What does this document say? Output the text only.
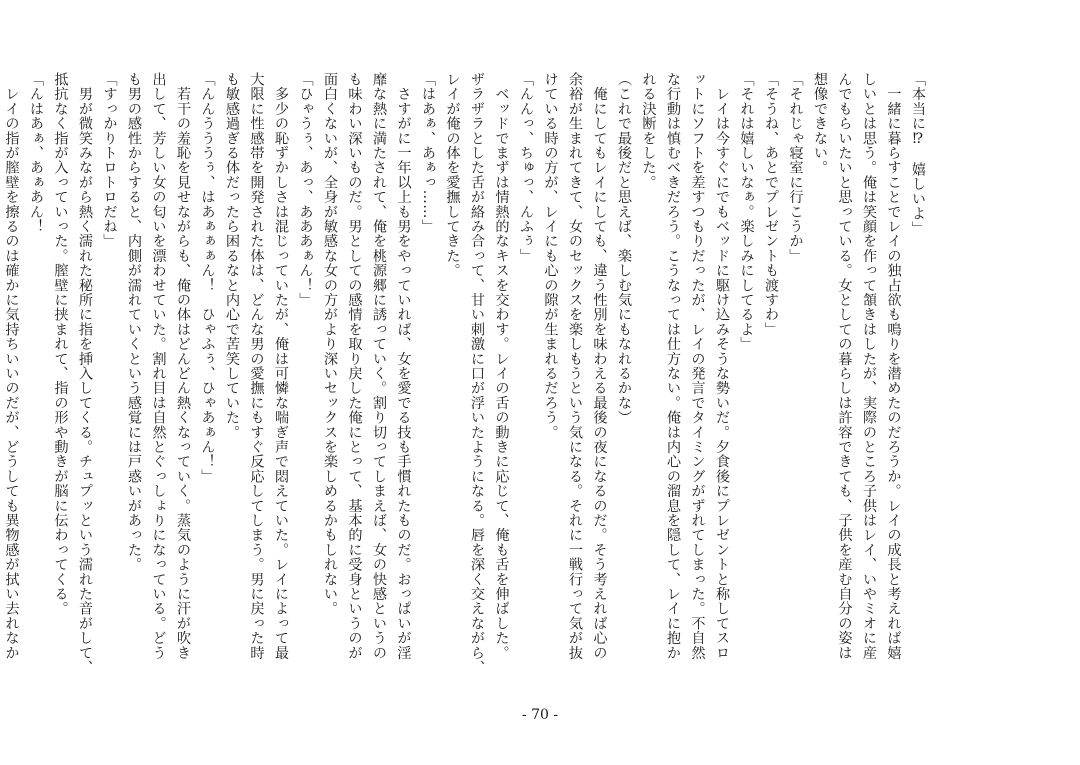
「本当に⁉　嬉しいよ」
　一緒に暮らすことでレイの独占欲も鳴りを潜めたのだろうか。レイの成長と考えれば嬉
しいとは思う。俺は笑顔を作って頷きはしたが、実際のところ子供はレイ、いやミオに産
んでもらいたいと思っている。女としての暮らしは許容できても、子供を産む自分の姿は
想像できない。
「それじゃ寝室に行こうか」
「そうね、あとでプレゼントも渡すわ」
「それは嬉しいなぁ。楽しみにしてるよ」
　レイは今すぐにでもベッドに駆け込みそうな勢いだ。夕食後にプレゼントと称してスロ
ットにソフトを差すつもりだったが、レイの発言でタイミングがずれてしまった。不自然
な行動は慎むべきだろう。こうなっては仕方ない。俺は内心の溜息を隠して、レイに抱か
れる決断をした。
（これで最後だと思えば、楽しむ気にもなれるかな）
　俺にしてもレイにしても、違う性別を味わえる最後の夜になるのだ。そう考えれば心の
余裕が生まれてきて、女のセックスを楽しもうという気になる。それに一戦行って気が抜
けている時の方が、レイにも心の隙が生まれるだろう。
「んんっ、ちゅっ、んふぅ」
　ベッドでまずは情熱的なキスを交わす。レイの舌の動きに応じて、俺も舌を伸ばした。
ザラザラとした舌が絡み合って、甘い刺激に口が浮いたようになる。唇を深く交えながら、
レイが俺の体を愛撫してきた。
「はあぁ、あぁっ……」
　さすがに一年以上も男をやっていれば、女を愛でる技も手慣れたものだ。おっぱいが淫
靡な熱に満たされて、俺を桃源郷に誘っていく。割り切ってしまえば、女の快感というの
も味わい深いものだ。男としての感情を取り戻した俺にとって、基本的に受身というのが
面白くないが、全身が敏感な女の方がより深いセックスを楽しめるかもしれない。
「ひゃうぅ、あっ、あああぁん！」
　多少の恥ずかしさは混じっていたが、俺は可憐な喘ぎ声で悶えていた。レイによって最
大限に性感帯を開発された体は、どんな男の愛撫にもすぐ反応してしまう。男に戻った時
も敏感過ぎる体だったら困るなと内心で苦笑していた。
「んんうううぅ、はあぁぁぁん！　ひゃふぅ、ひゃあぁん！」
　若干の羞恥を見せながらも、俺の体はどんどん熱くなっていく。蒸気のように汗が吹き
出して、芳しい女の匂いを漂わせていた。割れ目は自然とぐっしょりになっている。どう
も男の感性からすると、内側が濡れていくという感覚には戸惑いがあった。
「すっかりトロトロだね」
　男が微笑みながら熱く濡れた秘所に指を挿入してくる。チュプッという濡れた音がして、
抵抗なく指が入っていった。膣壁に挟まれて、指の形や動きが脳に伝わってくる。
「んはあぁ、あぁあん！
　レイの指が膣壁を擦るのは確かに気持ちいいのだが、どうしても異物感が拭い去れなか
- 70 -
